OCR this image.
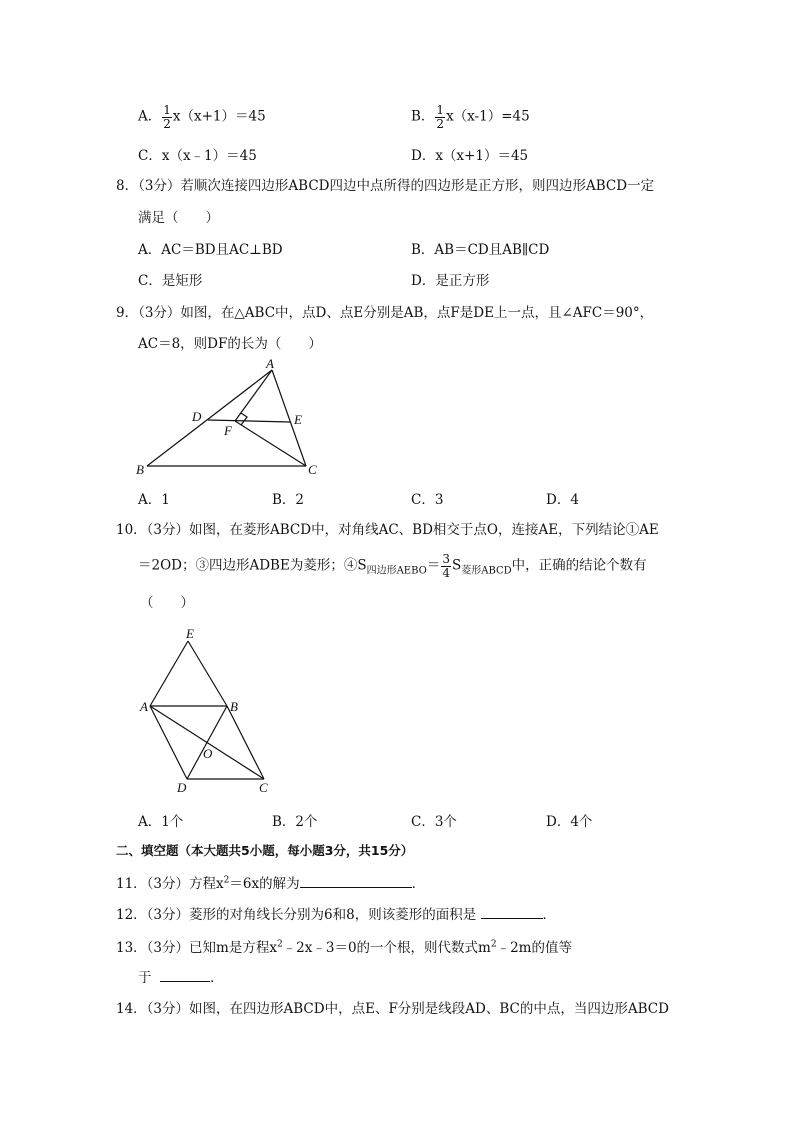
A． $\frac{1}{2} x(x+1)=45$	B． $\frac{1}{2} x(x-1)=45$
C．x（x﹣1）＝45	D．x（x+1）＝45
8．（3分）若顺次连接四边形ABCD四边中点所得的四边形是正方形，则四边形ABCD一定
满足（　　）
A．AC＝BD且AC⊥BD	B．AB＝CD且AB∥CD
C．是矩形	D．是正方形
9．（3分）如图，在△ABC中，点D、点E分别是AB，点F是DE上一点，且∠AFC＝90°，
AC＝8，则DF的长为（　　）
A
B	C
D	E
F
A．1	B．2	C．3	D．4
10．（3分）如图，在菱形ABCD中，对角线AC、BD相交于点O，连接AE，下列结论①AE
＝2OD；③四边形ADBE为菱形；$④S_{四边形AEBO}= \frac{3}{4} S_{菱形ABCD}$中，正确的结论个数有
（　　）
E
A	B
O
D	C
A．1个	B．2个	C．3个	D．4个
二、填空题（本大题共5小题，每小题3分，共15分）
11．（3分）方程$x^2=6x$的解为	．
12．（3分）菱形的对角线长分别为6和8，则该菱形的面积是	．
13．（3分）已知m是方程$x^2﹣2x﹣3=0$的一个根，则代数式$m^2﹣2m$的值等
于	．
14．（3分）如图，在四边形ABCD中，点E、F分别是线段AD、BC的中点，当四边形ABCD
